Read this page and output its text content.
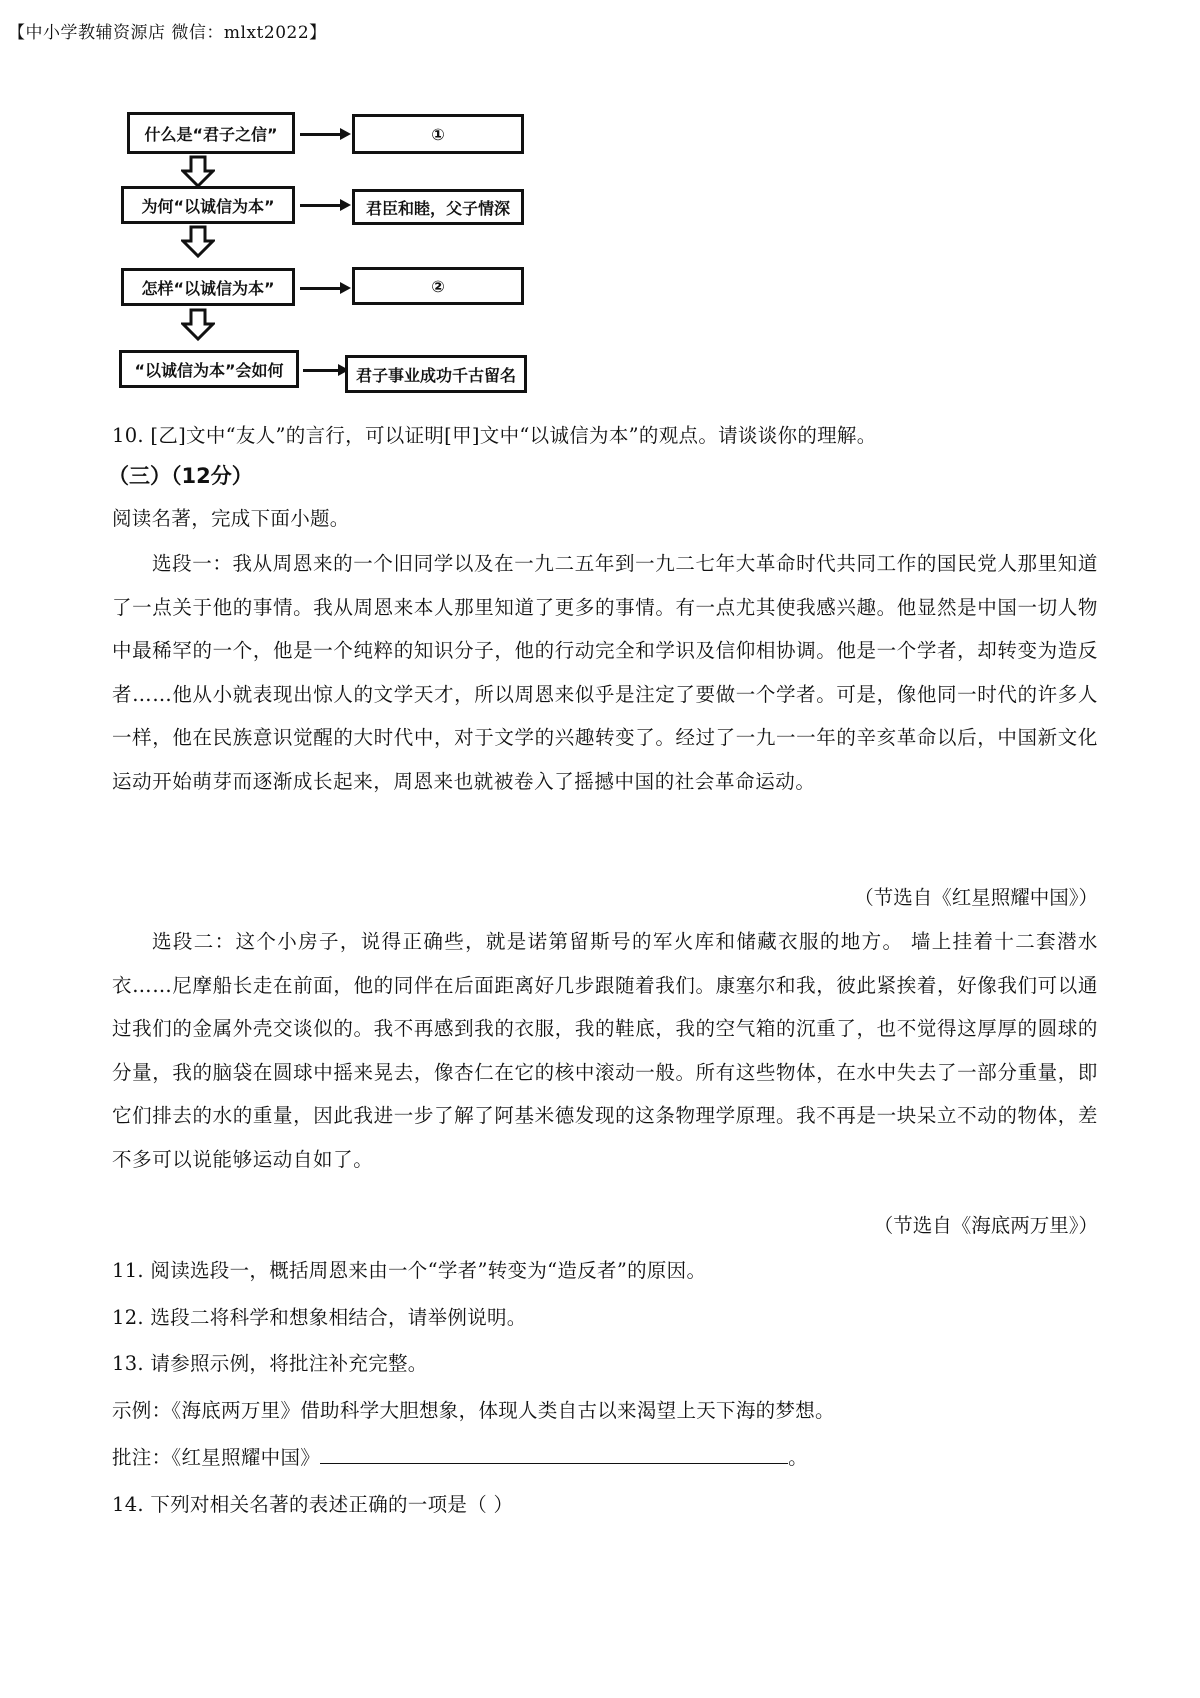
【中小学教辅资源店 微信：mlxt2022】
什么是“君子之信”	①
为何“以诚信为本”	君臣和睦，父子情深
怎样“以诚信为本”	②
“以诚信为本”会如何	君子事业成功千古留名
10. [乙]文中“友人”的言行，可以证明[甲]文中“以诚信为本”的观点。请谈谈你的理解。
（三）（12分）
阅读名著，完成下面小题。
选段一：我从周恩来的一个旧同学以及在一九二五年到一九二七年大革命时代共同工作的国民党人那里知道了一点关于他的事情。我从周恩来本人那里知道了更多的事情。有一点尤其使我感兴趣。他显然是中国一切人物中最稀罕的一个，他是一个纯粹的知识分子，他的行动完全和学识及信仰相协调。他是一个学者，却转变为造反者……他从小就表现出惊人的文学天才，所以周恩来似乎是注定了要做一个学者。可是，像他同一时代的许多人一样，他在民族意识觉醒的大时代中，对于文学的兴趣转变了。经过了一九一一年的辛亥革命以后，中国新文化运动开始萌芽而逐渐成长起来，周恩来也就被卷入了摇撼中国的社会革命运动。
（节选自《红星照耀中国》）
选段二：这个小房子，说得正确些，就是诺第留斯号的军火库和储藏衣服的地方。 墙上挂着十二套潜水衣……尼摩船长走在前面，他的同伴在后面距离好几步跟随着我们。康塞尔和我，彼此紧挨着，好像我们可以通过我们的金属外壳交谈似的。我不再感到我的衣服，我的鞋底，我的空气箱的沉重了，也不觉得这厚厚的圆球的分量，我的脑袋在圆球中摇来晃去，像杏仁在它的核中滚动一般。所有这些物体，在水中失去了一部分重量，即它们排去的水的重量，因此我进一步了解了阿基米德发现的这条物理学原理。我不再是一块呆立不动的物体，差不多可以说能够运动自如了。
（节选自《海底两万里》）
11. 阅读选段一，概括周恩来由一个“学者”转变为“造反者”的原因。
12. 选段二将科学和想象相结合，请举例说明。
13. 请参照示例，将批注补充完整。
示例：《海底两万里》借助科学大胆想象，体现人类自古以来渴望上天下海的梦想。
批注：《红星照耀中国》	。
14. 下列对相关名著的表述正确的一项是（ ）
